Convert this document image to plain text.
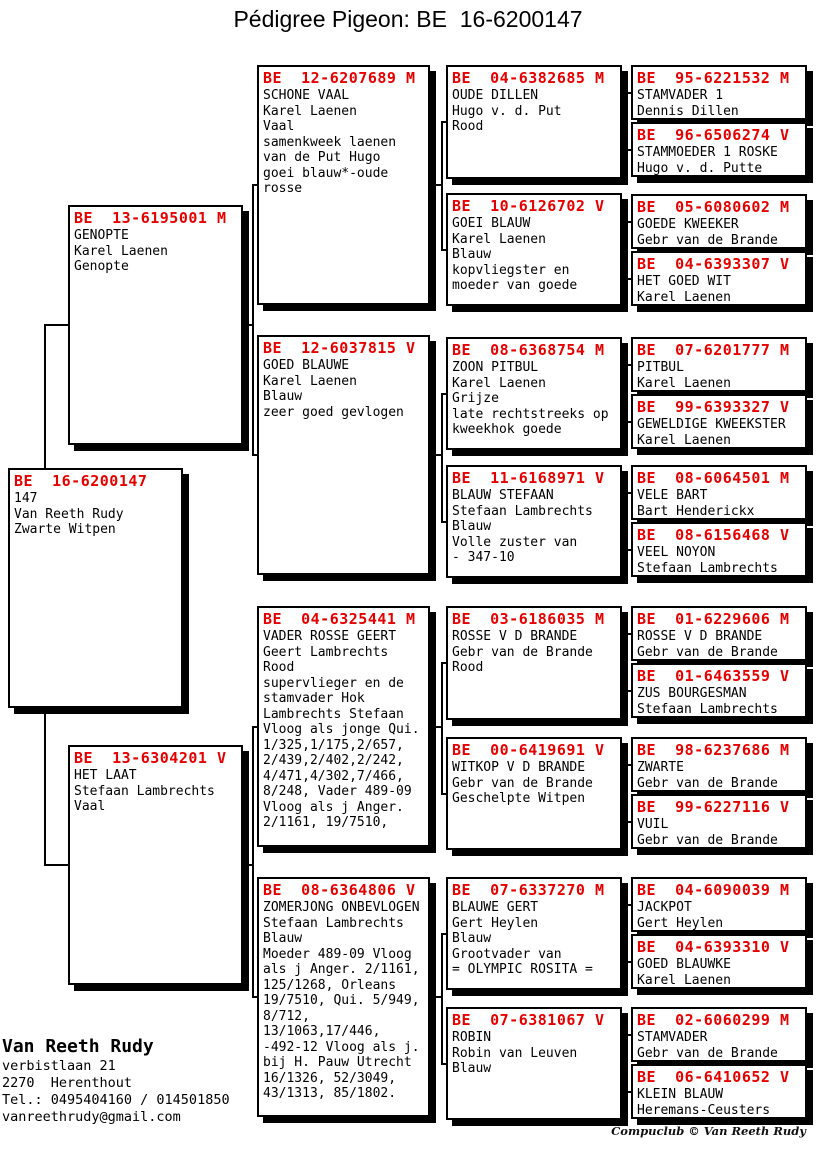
Pédigree Pigeon: BE  16-6200147
BE  16-6200147
147
Van Reeth Rudy
Zwarte Witpen
BE  13-6195001 M
GENOPTE
Karel Laenen
Genopte
BE  13-6304201 V
HET LAAT
Stefaan Lambrechts
Vaal
BE  12-6207689 M
SCHONE VAAL
Karel Laenen
Vaal
samenkweek laenen
van de Put Hugo
goei blauw*-oude
rosse
BE  12-6037815 V
GOED BLAUWE
Karel Laenen
Blauw
zeer goed gevlogen
BE  04-6325441 M
VADER ROSSE GEERT
Geert Lambrechts
Rood
supervlieger en de
stamvader Hok
Lambrechts Stefaan
Vloog als jonge Qui.
1/325,1/175,2/657,
2/439,2/402,2/242,
4/471,4/302,7/466,
8/248, Vader 489-09
Vloog als j Anger.
2/1161, 19/7510,
BE  08-6364806 V
ZOMERJONG ONBEVLOGEN
Stefaan Lambrechts
Blauw
Moeder 489-09 Vloog
als j Anger. 2/1161,
125/1268, Orleans
19/7510, Qui. 5/949,
8/712,
13/1063,17/446,
-492-12 Vloog als j.
bij H. Pauw Utrecht
16/1326, 52/3049,
43/1313, 85/1802.
BE  04-6382685 M
OUDE DILLEN
Hugo v. d. Put
Rood
BE  10-6126702 V
GOEI BLAUW
Karel Laenen
Blauw
kopvliegster en
moeder van goede
BE  08-6368754 M
ZOON PITBUL
Karel Laenen
Grijze
late rechtstreeks op
kweekhok goede
BE  11-6168971 V
BLAUW STEFAAN
Stefaan Lambrechts
Blauw
Volle zuster van
- 347-10
BE  03-6186035 M
ROSSE V D BRANDE
Gebr van de Brande
Rood
BE  00-6419691 V
WITKOP V D BRANDE
Gebr van de Brande
Geschelpte Witpen
BE  07-6337270 M
BLAUWE GERT
Gert Heylen
Blauw
Grootvader van
= OLYMPIC ROSITA =
BE  07-6381067 V
ROBIN
Robin van Leuven
Blauw
BE  95-6221532 M
STAMVADER 1
Dennis Dillen
BE  96-6506274 V
STAMMOEDER 1 ROSKE
Hugo v. d. Putte
BE  05-6080602 M
GOEDE KWEEKER
Gebr van de Brande
BE  04-6393307 V
HET GOED WIT
Karel Laenen
BE  07-6201777 M
PITBUL
Karel Laenen
BE  99-6393327 V
GEWELDIGE KWEEKSTER
Karel Laenen
BE  08-6064501 M
VELE BART
Bart Henderickx
BE  08-6156468 V
VEEL NOYON
Stefaan Lambrechts
BE  01-6229606 M
ROSSE V D BRANDE
Gebr van de Brande
BE  01-6463559 V
ZUS BOURGESMAN
Stefaan Lambrechts
BE  98-6237686 M
ZWARTE
Gebr van de Brande
BE  99-6227116 V
VUIL
Gebr van de Brande
BE  04-6090039 M
JACKPOT
Gert Heylen
BE  04-6393310 V
GOED BLAUWKE
Karel Laenen
BE  02-6060299 M
STAMVADER
Gebr van de Brande
BE  06-6410652 V
KLEIN BLAUW
Heremans-Ceusters
Van Reeth Rudy
verbistlaan 21
2270  Herenthout
Tel.: 0495404160 / 014501850
vanreethrudy@gmail.com
Compuclub © Van Reeth Rudy
